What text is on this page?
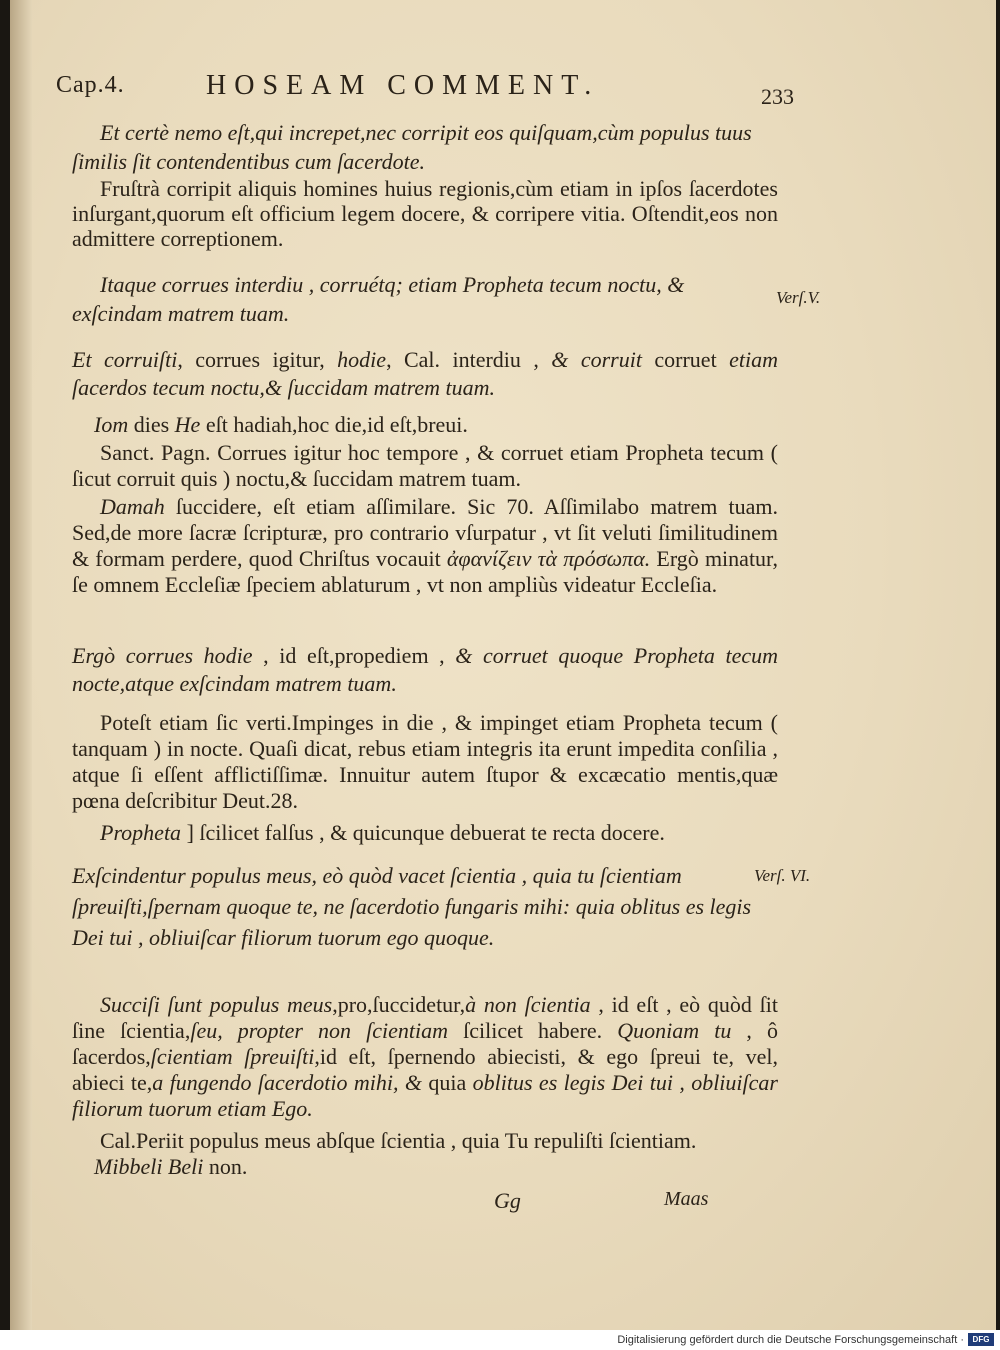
Cap.4.	HOSEAM COMMENT.	233

Et certè nemo eſt,qui increpet,nec corripit eos quiſquam,cùm populus tuus ſimilis ſit contendentibus cum ſacerdote.

Fruſtrà corripit aliquis homines huius regionis,cùm etiam in ipſos ſacerdotes inſurgant,quorum eſt officium legem docere, & corripere vitia. Oſtendit,eos non admittere correptionem.

Itaque corrues interdiu , corruétq; etiam Propheta tecum noctu, & exſcindam matrem tuam.

Verſ.V.

Et corruiſti, corrues igitur, hodie, Cal. interdiu , & corruit corruet etiam ſacerdos tecum noctu,& ſuccidam matrem tuam.

Iom dies He eſt hadiah,hoc die,id eſt,breui.

Sanct. Pagn. Corrues igitur hoc tempore , & corruet etiam Propheta tecum ( ſicut corruit quis ) noctu,& ſuccidam matrem tuam.

Damah ſuccidere, eſt etiam aſſimilare. Sic 70. Aſſimilabo matrem tuam. Sed,de more ſacræ ſcripturæ, pro contrario vſurpatur , vt ſit veluti ſimilitudinem & formam perdere, quod Chriſtus vocauit ἀφανίζειν τὰ πρόσωπα. Ergò minatur, ſe omnem Eccleſiæ ſpeciem ablaturum , vt non ampliùs videatur Eccleſia.

Ergò corrues hodie , id eſt,propediem , & corruet quoque Propheta tecum nocte,atque exſcindam matrem tuam.

Poteſt etiam ſic verti.Impinges in die , & impinget etiam Propheta tecum ( tanquam ) in nocte. Quaſi dicat, rebus etiam integris ita erunt impedita conſilia , atque ſi eſſent afflictiſſimæ. Innuitur autem ſtupor & excæcatio mentis,quæ pœna deſcribitur Deut.28.

Propheta ] ſcilicet falſus , & quicunque debuerat te recta docere.

Exſcindentur populus meus, eò quòd vacet ſcientia , quia tu ſcientiam ſpreuiſti,ſpernam quoque te, ne ſacerdotio fungaris mihi: quia oblitus es legis Dei tui , obliuiſcar filiorum tuorum ego quoque.

Verſ. VI.

Succiſi ſunt populus meus,pro,ſuccidetur,à non ſcientia , id eſt , eò quòd ſit ſine ſcientia,ſeu, propter non ſcientiam ſcilicet habere. Quoniam tu , ô ſacerdos,ſcientiam ſpreuiſti,id eſt, ſpernendo abiecisti, & ego ſpreui te, vel, abieci te,a fungendo ſacerdotio mihi, & quia oblitus es legis Dei tui , obliuiſcar filiorum tuorum etiam Ego.

Cal.Periit populus meus abſque ſcientia , quia Tu repuliſti ſcientiam.

Mibbeli Beli non.

Gg	Maas
Digitalisierung gefördert durch die Deutsche Forschungsgemeinschaft ·	DFG
